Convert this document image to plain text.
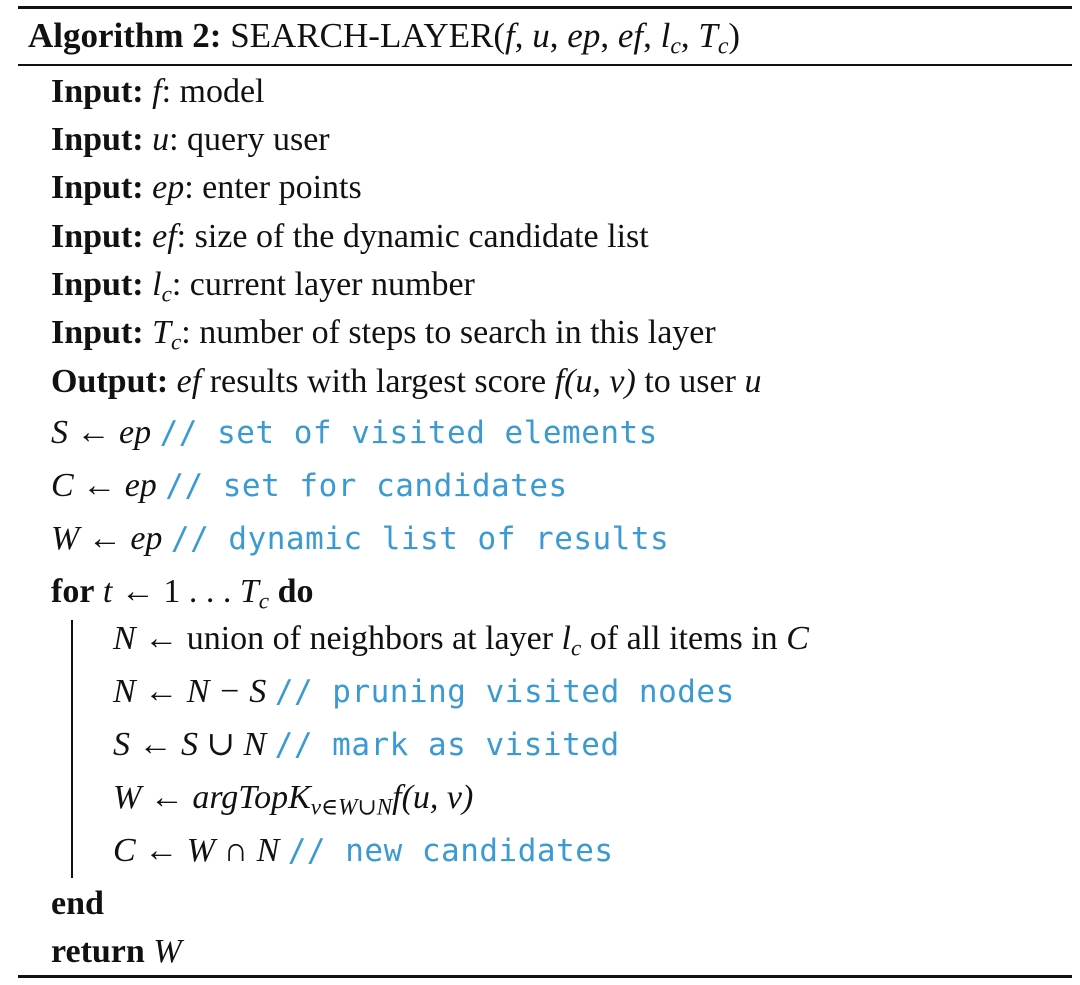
Algorithm 2: SEARCH-LAYER(f, u, ep, ef, $l_c$, $T_c$)
Input: f: model
Input: u: query user
Input: ep: enter points
Input: ef: size of the dynamic candidate list
Input: $l_c$: current layer number
Input: $T_c$: number of steps to search in this layer
Output: ef results with largest score f(u, v) to user u
S ← ep // set of visited elements
C ← ep // set for candidates
W ← ep // dynamic list of results
for t ← 1 . . . $T_c$ do
N ← union of neighbors at layer $l_c$ of all items in C
N ← N − S // pruning visited nodes
S ← S ∪ N // mark as visited
W ← argTopK$_{v\in W\cup N}$f(u, v)
C ← W ∩ N // new candidates
end
return W
